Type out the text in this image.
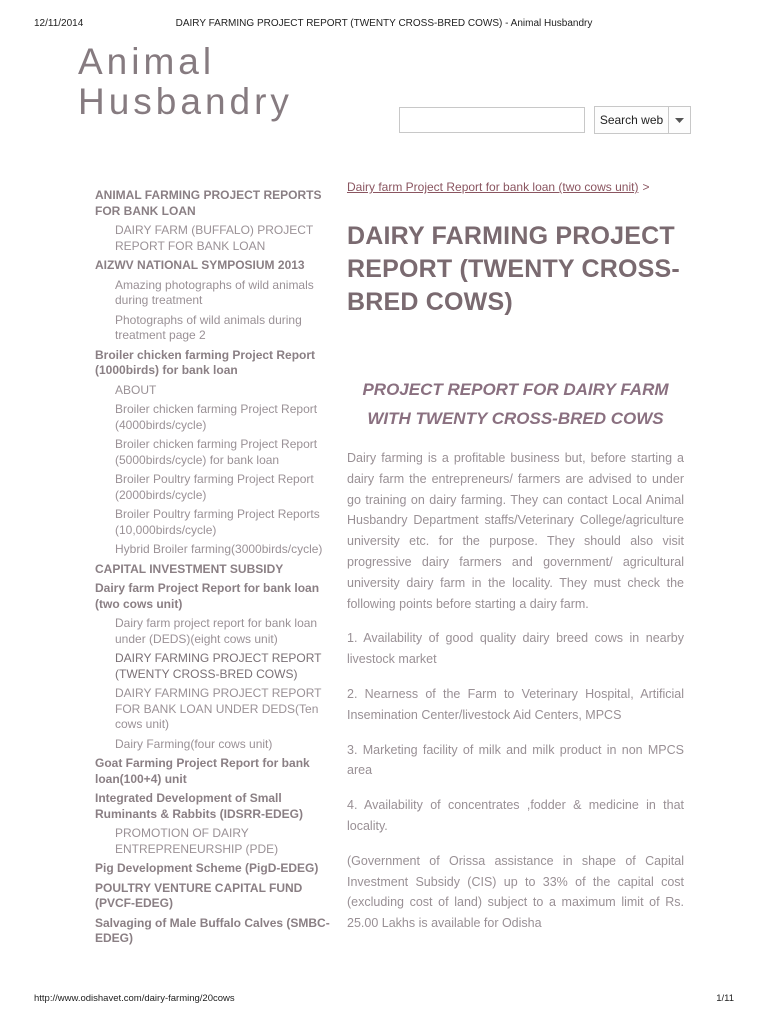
12/11/2014	DAIRY FARMING PROJECT REPORT (TWENTY CROSS-BRED COWS) - Animal Husbandry
Animal
Husbandry	Search web
ANIMAL FARMING PROJECT REPORTS FOR BANK LOAN
DAIRY FARM (BUFFALO) PROJECT REPORT FOR BANK LOAN
AIZWV NATIONAL SYMPOSIUM 2013
Amazing photographs of wild animals during treatment
Photographs of wild animals during treatment page 2
Broiler chicken farming Project Report (1000birds) for bank loan
ABOUT
Broiler chicken farming Project Report (4000birds/cycle)
Broiler chicken farming Project Report (5000birds/cycle) for bank loan
Broiler Poultry farming Project Report (2000birds/cycle)
Broiler Poultry farming Project Reports (10,000birds/cycle)
Hybrid Broiler farming(3000birds/cycle)
CAPITAL INVESTMENT SUBSIDY
Dairy farm Project Report for bank loan (two cows unit)
Dairy farm project report for bank loan under (DEDS)(eight cows unit)
DAIRY FARMING PROJECT REPORT (TWENTY CROSS-BRED COWS)
DAIRY FARMING PROJECT REPORT FOR BANK LOAN UNDER DEDS(Ten cows unit)
Dairy Farming(four cows unit)
Goat Farming Project Report for bank loan(100+4) unit
Integrated Development of Small Ruminants & Rabbits (IDSRR-EDEG)
PROMOTION OF DAIRY ENTREPRENEURSHIP (PDE)
Pig Development Scheme (PigD-EDEG)
POULTRY VENTURE CAPITAL FUND (PVCF-EDEG)
Salvaging of Male Buffalo Calves (SMBC-EDEG)
Dairy farm Project Report for bank loan (two cows unit) >
DAIRY FARMING PROJECT REPORT (TWENTY CROSS-BRED COWS)
PROJECT REPORT FOR DAIRY FARM WITH TWENTY CROSS-BRED COWS
Dairy farming is a profitable business but, before starting a dairy farm the entrepreneurs/ farmers are advised to under go training on dairy farming. They can contact Local Animal Husbandry Department staffs/Veterinary College/agriculture university etc. for the purpose. They should also visit progressive dairy farmers and government/ agricultural university dairy farm in the locality. They must check the following points before starting a dairy farm.
1. Availability of good quality dairy breed cows in nearby livestock market
2. Nearness of the Farm to Veterinary Hospital, Artificial Insemination Center/livestock Aid Centers, MPCS
3. Marketing facility of milk and milk product in non MPCS area
4. Availability of concentrates ,fodder & medicine in that locality.
(Government of Orissa assistance in shape of Capital Investment Subsidy (CIS) up to 33% of the capital cost (excluding cost of land) subject to a maximum limit of Rs. 25.00 Lakhs is available for Odisha
http://www.odishavet.com/dairy-farming/20cows	1/11
